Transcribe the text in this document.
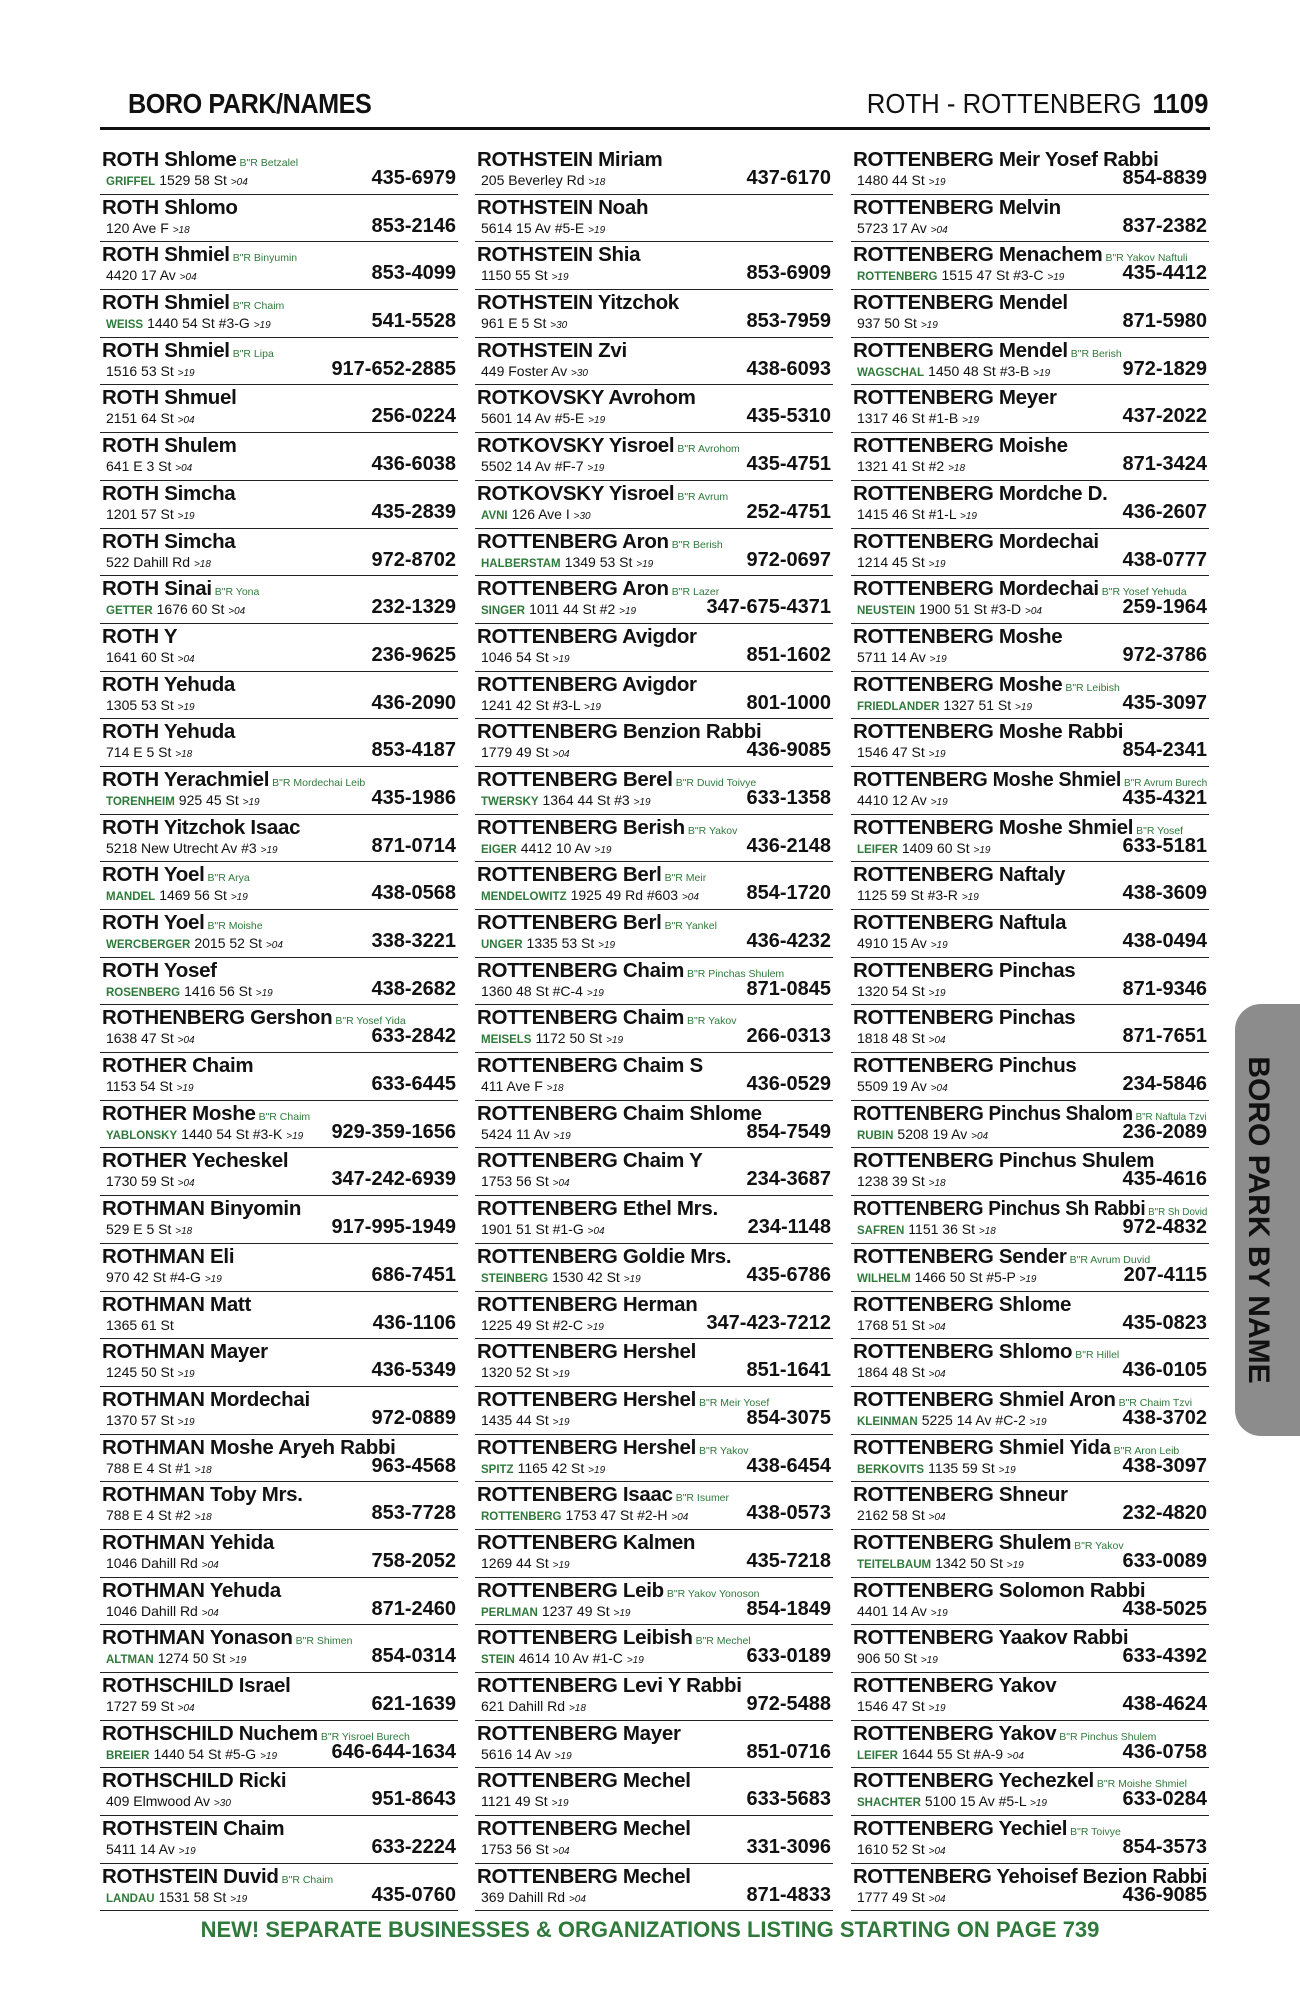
BORO PARK/NAMES	ROTH - ROTTENBERG 1109
ROTH Shlome B"R Betzalel
GRIFFEL 1529 58 St >04	435-6979
ROTH Shlomo
120 Ave F >18	853-2146
ROTH Shmiel B"R Binyumin
4420 17 Av >04	853-4099
ROTH Shmiel B"R Chaim
WEISS 1440 54 St #3-G >19	541-5528
ROTH Shmiel B"R Lipa
1516 53 St >19	917-652-2885
ROTH Shmuel
2151 64 St >04	256-0224
ROTH Shulem
641 E 3 St >04	436-6038
ROTH Simcha
1201 57 St >19	435-2839
ROTH Simcha
522 Dahill Rd >18	972-8702
ROTH Sinai B"R Yona
GETTER 1676 60 St >04	232-1329
ROTH Y
1641 60 St >04	236-9625
ROTH Yehuda
1305 53 St >19	436-2090
ROTH Yehuda
714 E 5 St >18	853-4187
ROTH Yerachmiel B"R Mordechai Leib
TORENHEIM 925 45 St >19	435-1986
ROTH Yitzchok Isaac
5218 New Utrecht Av #3 >19	871-0714
ROTH Yoel B"R Arya
MANDEL 1469 56 St >19	438-0568
ROTH Yoel B"R Moishe
WERCBERGER 2015 52 St >04	338-3221
ROTH Yosef
ROSENBERG 1416 56 St >19	438-2682
ROTHENBERG Gershon B"R Yosef Yida
1638 47 St >04	633-2842
ROTHER Chaim
1153 54 St >19	633-6445
ROTHER Moshe B"R Chaim
YABLONSKY 1440 54 St #3-K >19 929-359-1656
ROTHER Yecheskel
1730 59 St >04	347-242-6939
ROTHMAN Binyomin
529 E 5 St >18	917-995-1949
ROTHMAN Eli
970 42 St #4-G >19	686-7451
ROTHMAN Matt
1365 61 St	436-1106
ROTHMAN Mayer
1245 50 St >19	436-5349
ROTHMAN Mordechai
1370 57 St >19	972-0889
ROTHMAN Moshe Aryeh Rabbi
788 E 4 St #1 >18	963-4568
ROTHMAN Toby Mrs.
788 E 4 St #2 >18	853-7728
ROTHMAN Yehida
1046 Dahill Rd >04	758-2052
ROTHMAN Yehuda
1046 Dahill Rd >04	871-2460
ROTHMAN Yonason B"R Shimen
ALTMAN 1274 50 St >19	854-0314
ROTHSCHILD Israel
1727 59 St >04	621-1639
ROTHSCHILD Nuchem B"R Yisroel Burech
BREIER 1440 54 St #5-G >19	646-644-1634
ROTHSCHILD Ricki
409 Elmwood Av >30	951-8643
ROTHSTEIN Chaim
5411 14 Av >19	633-2224
ROTHSTEIN Duvid B"R Chaim
LANDAU 1531 58 St >19	435-0760
ROTHSTEIN Miriam
205 Beverley Rd >18	437-6170
ROTHSTEIN Noah
5614 15 Av #5-E >19
ROTHSTEIN Shia
1150 55 St >19	853-6909
ROTHSTEIN Yitzchok
961 E 5 St >30	853-7959
ROTHSTEIN Zvi
449 Foster Av >30	438-6093
ROTKOVSKY Avrohom
5601 14 Av #5-E >19	435-5310
ROTKOVSKY Yisroel B"R Avrohom
5502 14 Av #F-7 >19	435-4751
ROTKOVSKY Yisroel B"R Avrum
AVNI 126 Ave I >30	252-4751
ROTTENBERG Aron B"R Berish
HALBERSTAM 1349 53 St >19	972-0697
ROTTENBERG Aron B"R Lazer
SINGER 1011 44 St #2 >19	347-675-4371
ROTTENBERG Avigdor
1046 54 St >19	851-1602
ROTTENBERG Avigdor
1241 42 St #3-L >19	801-1000
ROTTENBERG Benzion Rabbi
1779 49 St >04	436-9085
ROTTENBERG Berel B"R Duvid Toivye
TWERSKY 1364 44 St #3 >19	633-1358
ROTTENBERG Berish B"R Yakov
EIGER 4412 10 Av >19	436-2148
ROTTENBERG Berl B"R Meir
MENDELOWITZ 1925 49 Rd #603 >04 854-1720
ROTTENBERG Berl B"R Yankel
UNGER 1335 53 St >19	436-4232
ROTTENBERG Chaim B"R Pinchas Shulem
1360 48 St #C-4 >19	871-0845
ROTTENBERG Chaim B"R Yakov
MEISELS 1172 50 St >19	266-0313
ROTTENBERG Chaim S
411 Ave F >18	436-0529
ROTTENBERG Chaim Shlome
5424 11 Av >19	854-7549
ROTTENBERG Chaim Y
1753 56 St >04	234-3687
ROTTENBERG Ethel Mrs.
1901 51 St #1-G >04	234-1148
ROTTENBERG Goldie Mrs.
STEINBERG 1530 42 St >19	435-6786
ROTTENBERG Herman
1225 49 St #2-C >19	347-423-7212
ROTTENBERG Hershel
1320 52 St >19	851-1641
ROTTENBERG Hershel B"R Meir Yosef
1435 44 St >19	854-3075
ROTTENBERG Hershel B"R Yakov
SPITZ 1165 42 St >19	438-6454
ROTTENBERG Isaac B"R Isumer
ROTTENBERG 1753 47 St #2-H >04	438-0573
ROTTENBERG Kalmen
1269 44 St >19	435-7218
ROTTENBERG Leib B"R Yakov Yonoson
PERLMAN 1237 49 St >19	854-1849
ROTTENBERG Leibish B"R Mechel
STEIN 4614 10 Av #1-C >19	633-0189
ROTTENBERG Levi Y Rabbi
621 Dahill Rd >18	972-5488
ROTTENBERG Mayer
5616 14 Av >19	851-0716
ROTTENBERG Mechel
1121 49 St >19	633-5683
ROTTENBERG Mechel
1753 56 St >04	331-3096
ROTTENBERG Mechel
369 Dahill Rd >04	871-4833
ROTTENBERG Meir Yosef Rabbi
1480 44 St >19	854-8839
ROTTENBERG Melvin
5723 17 Av >04	837-2382
ROTTENBERG Menachem B"R Yakov Naftuli
ROTTENBERG 1515 47 St #3-C >19	435-4412
ROTTENBERG Mendel
937 50 St >19	871-5980
ROTTENBERG Mendel B"R Berish
WAGSCHAL 1450 48 St #3-B >19	972-1829
ROTTENBERG Meyer
1317 46 St #1-B >19	437-2022
ROTTENBERG Moishe
1321 41 St #2 >18	871-3424
ROTTENBERG Mordche D.
1415 46 St #1-L >19	436-2607
ROTTENBERG Mordechai
1214 45 St >19	438-0777
ROTTENBERG Mordechai B"R Yosef Yehuda
NEUSTEIN 1900 51 St #3-D >04	259-1964
ROTTENBERG Moshe
5711 14 Av >19	972-3786
ROTTENBERG Moshe B"R Leibish
FRIEDLANDER 1327 51 St >19	435-3097
ROTTENBERG Moshe Rabbi
1546 47 St >19	854-2341
ROTTENBERG Moshe Shmiel B"R Avrum Burech
4410 12 Av >19	435-4321
ROTTENBERG Moshe Shmiel B"R Yosef
LEIFER 1409 60 St >19	633-5181
ROTTENBERG Naftaly
1125 59 St #3-R >19	438-3609
ROTTENBERG Naftula
4910 15 Av >19	438-0494
ROTTENBERG Pinchas
1320 54 St >19	871-9346
ROTTENBERG Pinchas
1818 48 St >04	871-7651
ROTTENBERG Pinchus
5509 19 Av >04	234-5846
ROTTENBERG Pinchus Shalom B"R Naftula Tzvi
RUBIN 5208 19 Av >04	236-2089
ROTTENBERG Pinchus Shulem
1238 39 St >18	435-4616
ROTTENBERG Pinchus Sh Rabbi B"R Sh Dovid
SAFREN 1151 36 St >18	972-4832
ROTTENBERG Sender B"R Avrum Duvid
WILHELM 1466 50 St #5-P >19	207-4115
ROTTENBERG Shlome
1768 51 St >04	435-0823
ROTTENBERG Shlomo B"R Hillel
1864 48 St >04	436-0105
ROTTENBERG Shmiel Aron B"R Chaim Tzvi
KLEINMAN 5225 14 Av #C-2 >19	438-3702
ROTTENBERG Shmiel Yida B"R Aron Leib
BERKOVITS 1135 59 St >19	438-3097
ROTTENBERG Shneur
2162 58 St >04	232-4820
ROTTENBERG Shulem B"R Yakov
TEITELBAUM 1342 50 St >19	633-0089
ROTTENBERG Solomon Rabbi
4401 14 Av >19	438-5025
ROTTENBERG Yaakov Rabbi
906 50 St >19	633-4392
ROTTENBERG Yakov
1546 47 St >19	438-4624
ROTTENBERG Yakov B"R Pinchus Shulem
LEIFER 1644 55 St #A-9 >04	436-0758
ROTTENBERG Yechezkel B"R Moishe Shmiel
SHACHTER 5100 15 Av #5-L >19	633-0284
ROTTENBERG Yechiel B"R Toivye
1610 52 St >04	854-3573
ROTTENBERG Yehoisef Bezion Rabbi
1777 49 St >04	436-9085
BORO PARK BY NAME
NEW! SEPARATE BUSINESSES & ORGANIZATIONS LISTING STARTING ON PAGE 739
